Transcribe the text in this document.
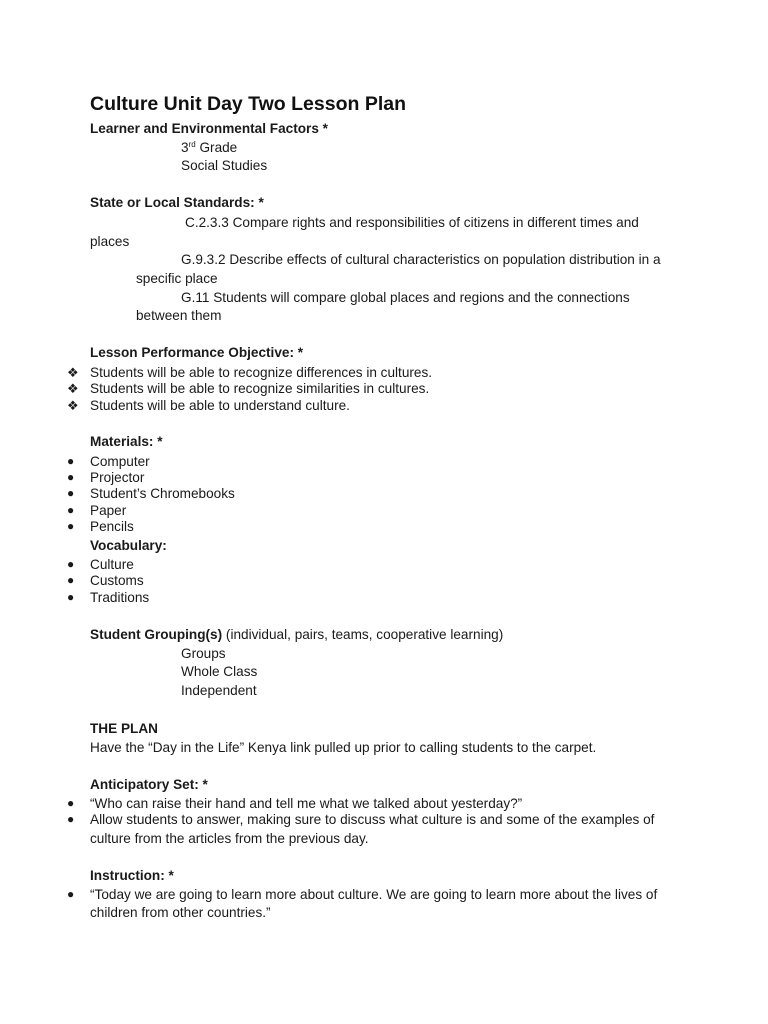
Culture Unit Day Two Lesson Plan
Learner and Environmental Factors *
3rd Grade
Social Studies
State or Local Standards: *
C.2.3.3 Compare rights and responsibilities of citizens in different times and
places
G.9.3.2 Describe effects of cultural characteristics on population distribution in a
specific place
G.11 Students will compare global places and regions and the connections
between them
Lesson Performance Objective: *
❖ Students will be able to recognize differences in cultures.
❖ Students will be able to recognize similarities in cultures.
❖ Students will be able to understand culture.
Materials: *
● Computer
● Projector
● Student’s Chromebooks
● Paper
● Pencils
Vocabulary:
● Culture
● Customs
● Traditions
Student Grouping(s) (individual, pairs, teams, cooperative learning)
Groups
Whole Class
Independent
THE PLAN
Have the “Day in the Life” Kenya link pulled up prior to calling students to the carpet.
Anticipatory Set: *
● “Who can raise their hand and tell me what we talked about yesterday?”
● Allow students to answer, making sure to discuss what culture is and some of the examples of
culture from the articles from the previous day.
Instruction: *
● “Today we are going to learn more about culture. We are going to learn more about the lives of
children from other countries.”
